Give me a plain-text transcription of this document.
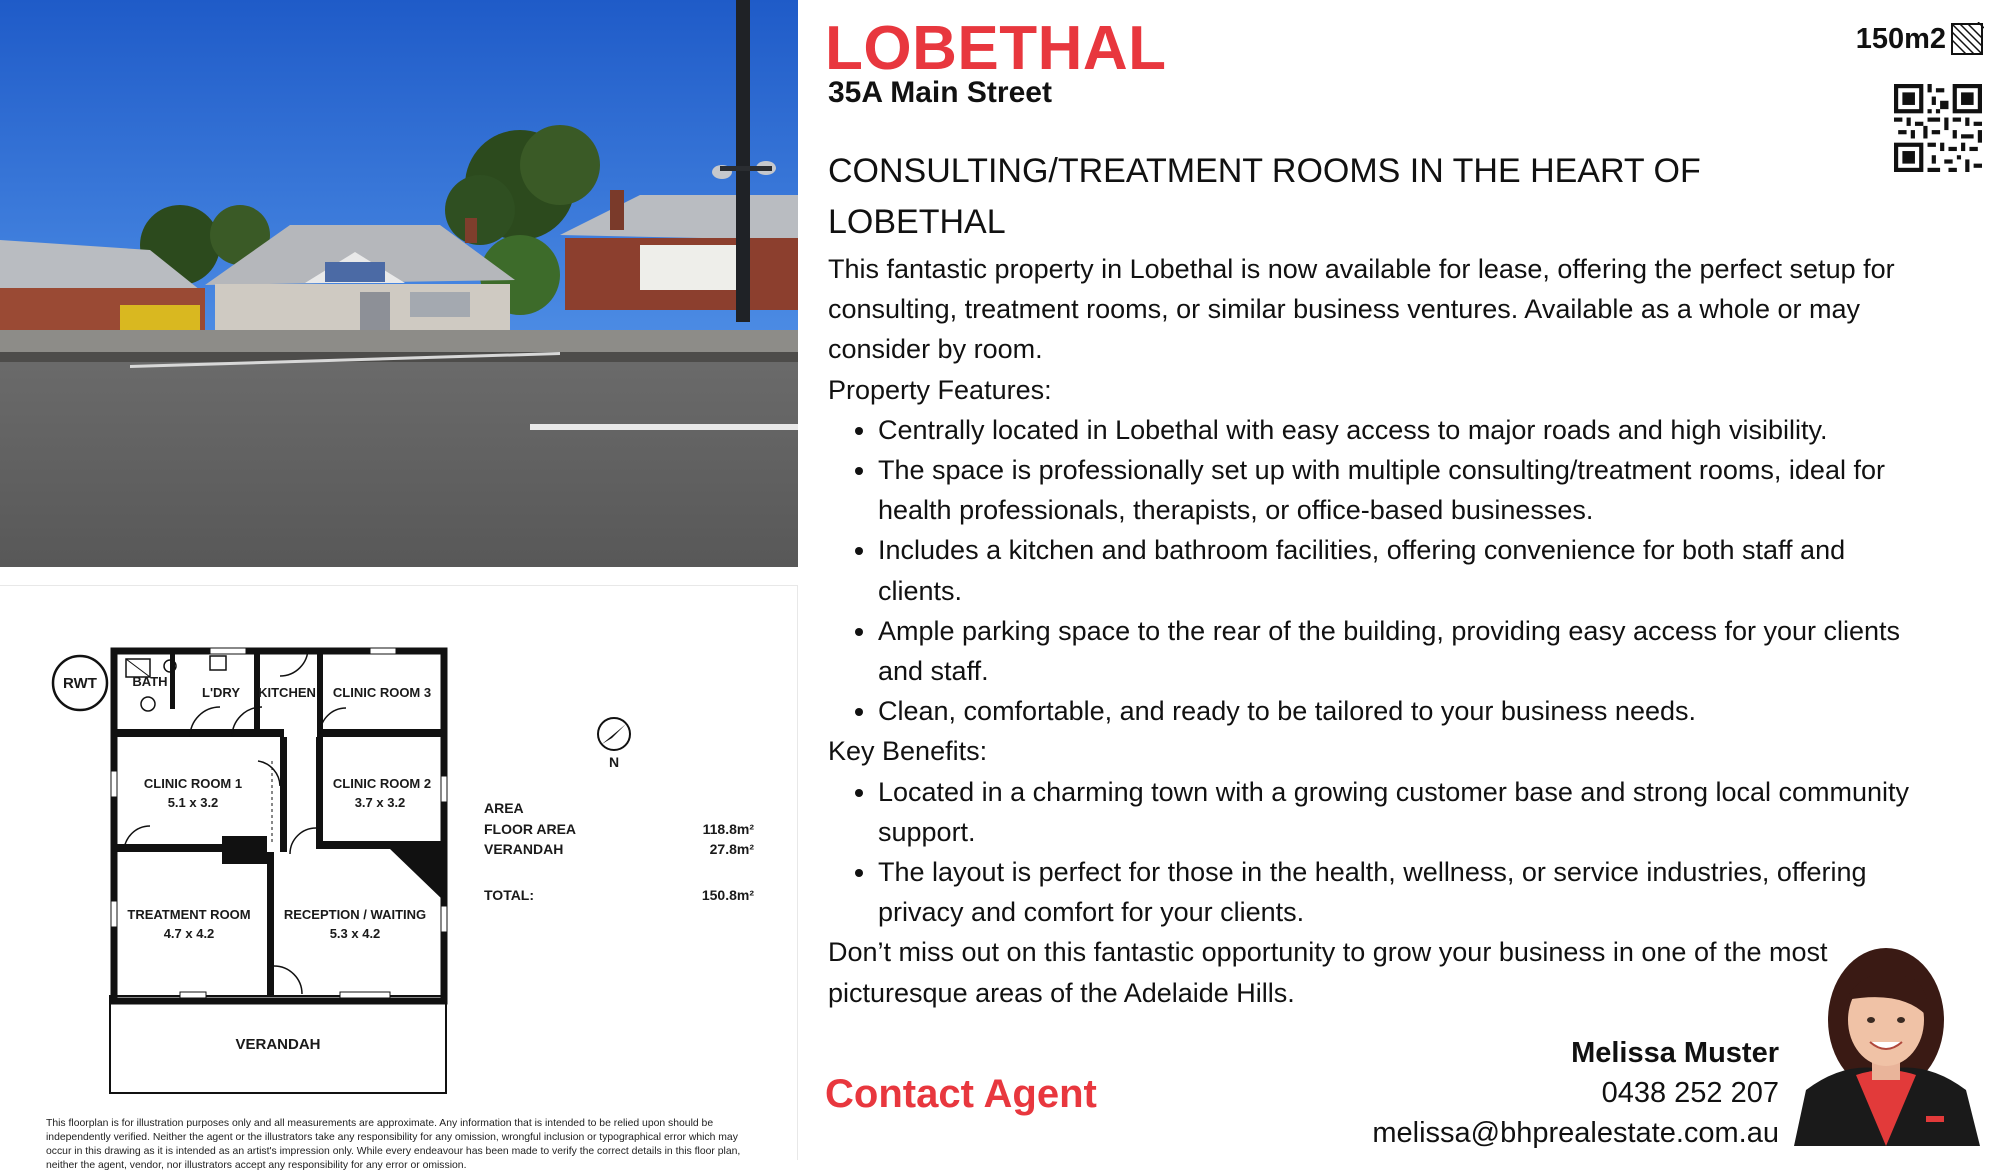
RWT
N
BATH
L'DRY KITCHEN CLINIC ROOM 3
CLINIC ROOM 1
5.1 x 3.2
CLINIC ROOM 2
3.7 x 3.2
TREATMENT ROOM
4.7 x 4.2
RECEPTION / WAITING
5.3 x 4.2
VERANDAH
AREA
FLOOR AREA	118.8m²
VERANDAH	27.8m²
TOTAL:	150.8m²
This floorplan is for illustration purposes only and all measurements are approximate. Any information that is intended to be relied upon should be independently verified. Neither the agent or the illustrators take any responsibility for any omission, wrongful inclusion or typographical error which may occur in this drawing as it is intended as an artist's impression only. While every endeavour has been made to verify the correct details in this floor plan, neither the agent, vendor, nor illustrators accept any responsibility for any error or omission.
LOBETHAL
35A Main Street
150m2
CONSULTING/TREATMENT ROOMS IN THE HEART OF LOBETHAL

This fantastic property in Lobethal is now available for lease, offering the perfect setup for consulting, treatment rooms, or similar business ventures. Available as a whole or may consider by room.

Property Features:

• Centrally located in Lobethal with easy access to major roads and high visibility.
• The space is professionally set up with multiple consulting/treatment rooms, ideal for health professionals, therapists, or office-based businesses.
• Includes a kitchen and bathroom facilities, offering convenience for both staff and clients.
• Ample parking space to the rear of the building, providing easy access for your clients and staff.
• Clean, comfortable, and ready to be tailored to your business needs.

Key Benefits:

• Located in a charming town with a growing customer base and strong local community support.
• The layout is perfect for those in the health, wellness, or service industries, offering privacy and comfort for your clients.

Don’t miss out on this fantastic opportunity to grow your business in one of the most picturesque areas of the Adelaide Hills.

Contact Agent
Melissa Muster
0438 252 207
melissa@bhprealestate.com.au
